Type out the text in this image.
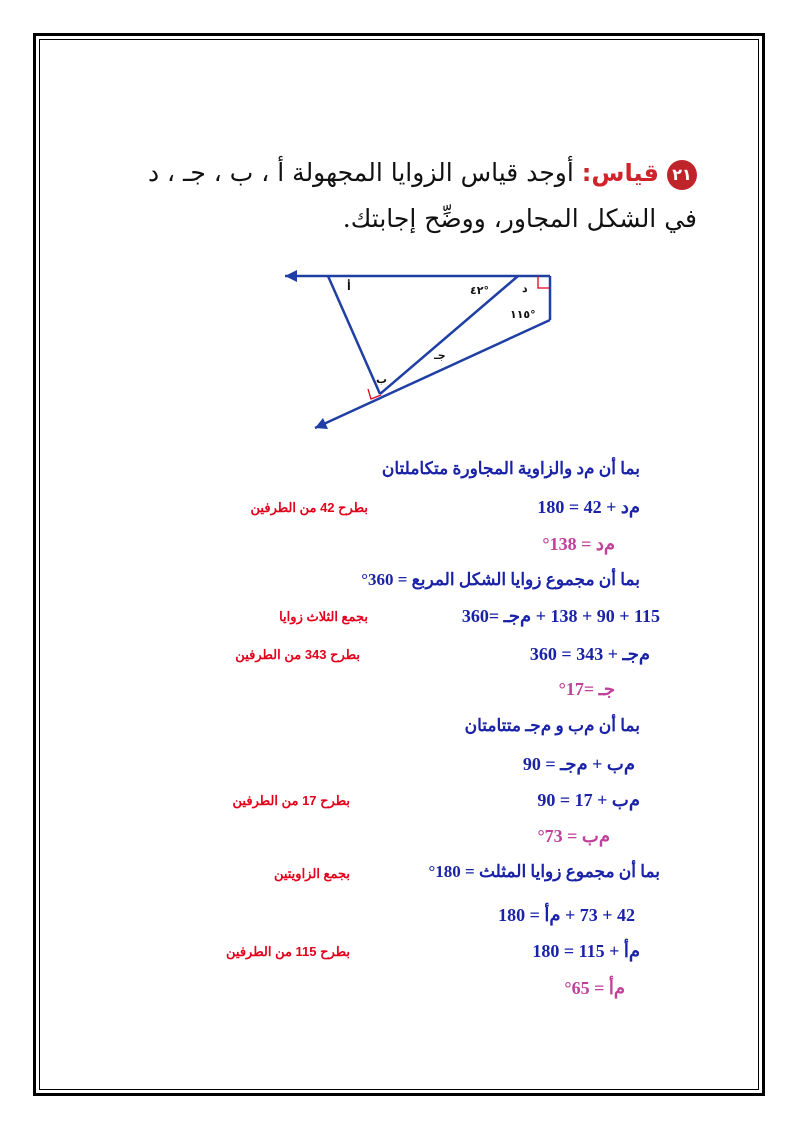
٢١قياس: أوجد قياس الزوايا المجهولة أ ، ب ، جـ ، د
في الشكل المجاور، ووضِّح إجابتك.
أ	٤٢°	د
١١٥°
جـ
ب
بما أن ﻡد والزاوية المجاورة متكاملتان
ﻡد + 42 = 180
بطرح 42 من الطرفين
ﻡد = 138°
بما أن مجموع زوايا الشكل المربع = 360°
115 + 90 + 138 + ﻡجـ =360
بجمع الثلاث زوايا
ﻡجـ + 343 = 360
بطرح 343 من الطرفين
جـ =17°
بما أن ﻡب و ﻡجـ متتامتان
ﻡب + ﻡجـ = 90
ﻡب + 17 = 90
بطرح 17 من الطرفين
ﻡب = 73°
بما أن مجموع زوايا المثلث = 180°
بجمع الزاويتين
42 + 73 + ﻡأ = 180
ﻡأ + 115 = 180
بطرح 115 من الطرفين
ﻡأ = 65°
